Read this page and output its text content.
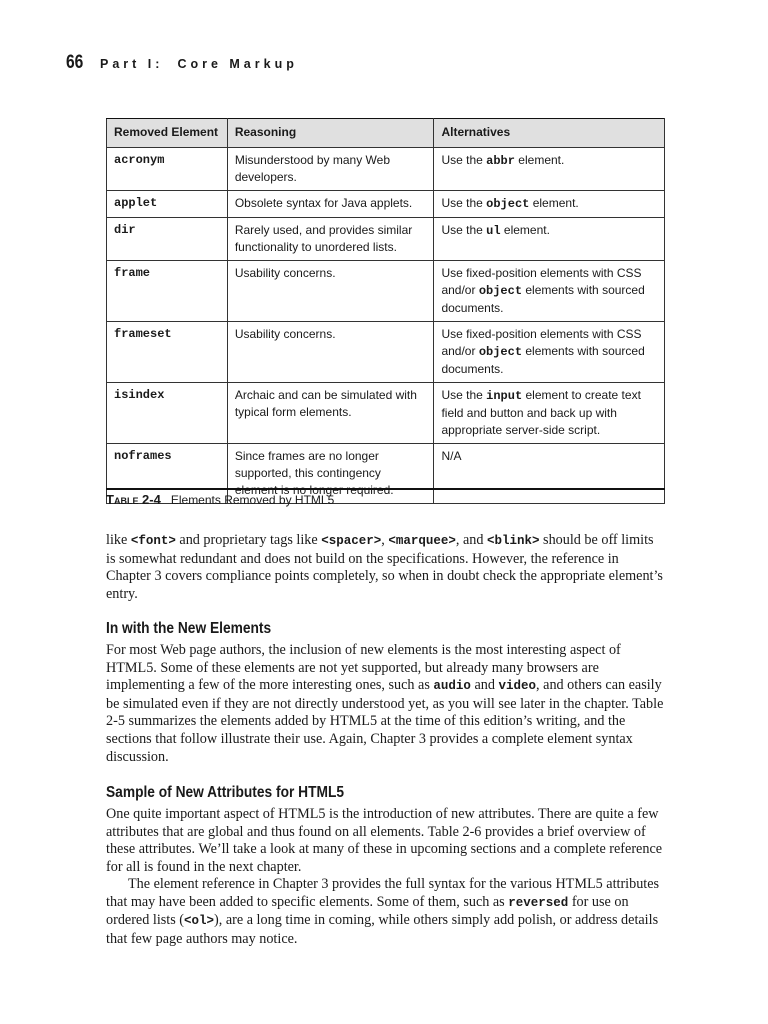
66	Part I: Core Markup
Removed Element	Reasoning	Alternatives
acronym	Misunderstood by many Web developers.	Use the abbr element.
applet	Obsolete syntax for Java applets.	Use the object element.
dir	Rarely used, and provides similar functionality to unordered lists.	Use the ul element.
frame	Usability concerns.	Use fixed-position elements with CSS and/or object elements with sourced documents.
frameset	Usability concerns.	Use fixed-position elements with CSS and/or object elements with sourced documents.
isindex	Archaic and can be simulated with typical form elements.	Use the input element to create text field and button and back up with appropriate server-side script.
noframes	Since frames are no longer supported, this contingency element is no longer required.	N/A
Table 2-4 Elements Removed by HTML5

like <font> and proprietary tags like <spacer>, <marquee>, and <blink> should be off limits is somewhat redundant and does not build on the specifications. However, the reference in Chapter 3 covers compliance points completely, so when in doubt check the appropriate element’s entry.

In with the New Elements

For most Web page authors, the inclusion of new elements is the most interesting aspect of HTML5. Some of these elements are not yet supported, but already many browsers are implementing a few of the more interesting ones, such as audio and video, and others can easily be simulated even if they are not directly understood yet, as you will see later in the chapter. Table 2-5 summarizes the elements added by HTML5 at the time of this edition’s writing, and the sections that follow illustrate their use. Again, Chapter 3 provides a complete element syntax discussion.

Sample of New Attributes for HTML5

One quite important aspect of HTML5 is the introduction of new attributes. There are quite a few attributes that are global and thus found on all elements. Table 2-6 provides a brief overview of these attributes. We’ll take a look at many of these in upcoming sections and a complete reference for all is found in the next chapter.

The element reference in Chapter 3 provides the full syntax for the various HTML5 attributes that may have been added to specific elements. Some of them, such as reversed for use on ordered lists (<ol>), are a long time in coming, while others simply add polish, or address details that few page authors may notice.
